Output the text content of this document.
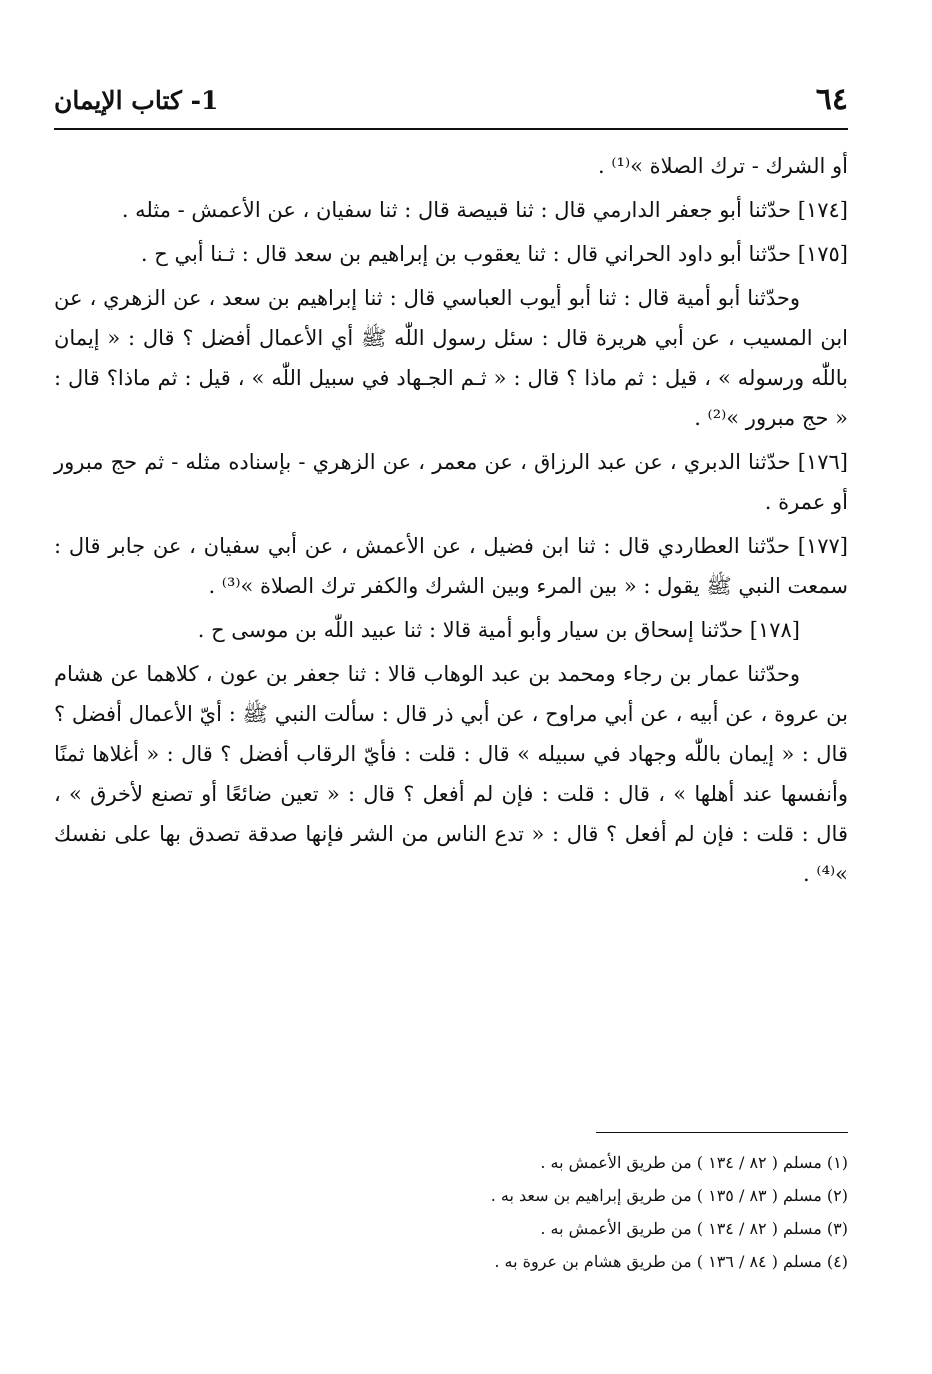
٦٤
1- كتاب الإيمان

أو الشرك - ترك الصلاة »⁽¹⁾ .

[١٧٤] حدّثنا أبو جعفر الدارمي قال : ثنا قبيصة قال : ثنا سفيان ، عن الأعمش - مثله .

[١٧٥] حدّثنا أبو داود الحراني قال : ثنا يعقوب بن إبراهيم بن سعد قال : ثـنا أبي ح .

وحدّثنا أبو أمية قال : ثنا أبو أيوب العباسي قال : ثنا إبراهيم بن سعد ، عن الزهري ، عن ابن المسيب ، عن أبي هريرة قال : سئل رسول اللّٰه ﷺ أي الأعمال أفضل ؟ قال : « إيمان باللّٰه ورسوله » ، قيل : ثم ماذا ؟ قال : « ثـم الجـهاد في سبيل اللّٰه » ، قيل : ثم ماذا؟ قال : « حج مبرور »⁽²⁾ .

[١٧٦] حدّثنا الدبري ، عن عبد الرزاق ، عن معمر ، عن الزهري - بإسناده مثله - ثم حج مبرور أو عمرة .

[١٧٧] حدّثنا العطاردي قال : ثنا ابن فضيل ، عن الأعمش ، عن أبي سفيان ، عن جابر قال : سمعت النبي ﷺ يقول : « بين المرء وبين الشرك والكفر ترك الصلاة »⁽³⁾ .

[١٧٨] حدّثنا إسحاق بن سيار وأبو أمية قالا : ثنا عبيد اللّٰه بن موسى ح .

وحدّثنا عمار بن رجاء ومحمد بن عبد الوهاب قالا : ثنا جعفر بن عون ، كلاهما عن هشام بن عروة ، عن أبيه ، عن أبي مراوح ، عن أبي ذر قال : سألت النبي ﷺ : أيّ الأعمال أفضل ؟ قال : « إيمان باللّٰه وجهاد في سبيله » قال : قلت : فأيّ الرقاب أفضل ؟ قال : « أغلاها ثمنًا وأنفسها عند أهلها » ، قال : قلت : فإن لم أفعل ؟ قال : « تعين ضائعًا أو تصنع لأخرق » ، قال : قلت : فإن لم أفعل ؟ قال : « تدع الناس من الشر فإنها صدقة تصدق بها على نفسك »⁽⁴⁾ .

(١) مسلم ( ٨٢ / ١٣٤ ) من طريق الأعمش به .
(٢) مسلم ( ٨٣ / ١٣٥ ) من طريق إبراهيم بن سعد به .
(٣) مسلم ( ٨٢ / ١٣٤ ) من طريق الأعمش به .
(٤) مسلم ( ٨٤ / ١٣٦ ) من طريق هشام بن عروة به .
